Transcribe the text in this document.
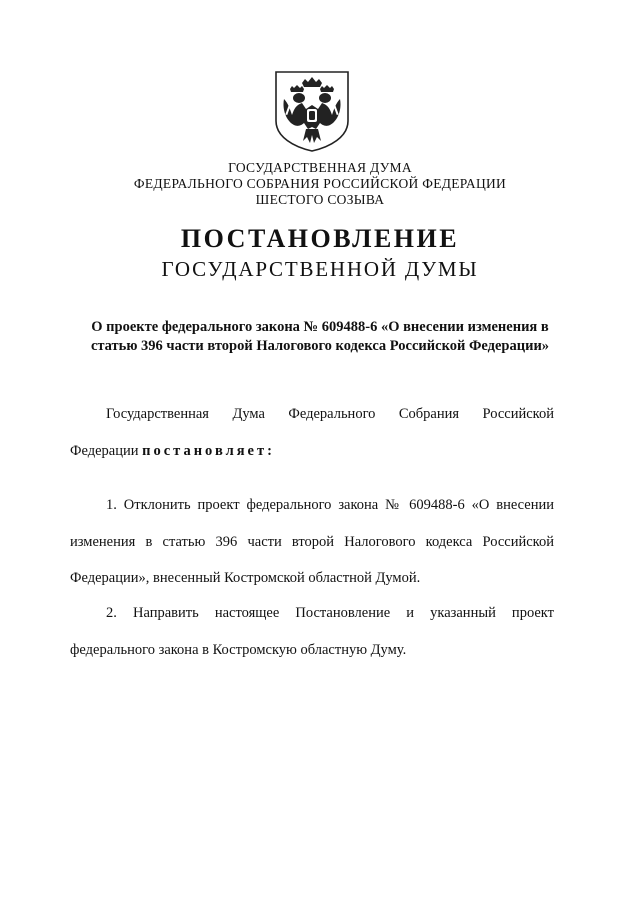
ГОСУДАРСТВЕННАЯ ДУМА
ФЕДЕРАЛЬНОГО СОБРАНИЯ РОССИЙСКОЙ ФЕДЕРАЦИИ
ШЕСТОГО СОЗЫВА
ПОСТАНОВЛЕНИЕ
ГОСУДАРСТВЕННОЙ ДУМЫ
О проекте федерального закона № 609488-6 «О внесении изменения в
статью 396 части второй Налогового кодекса Российской Федерации»
Государственная Дума Федерального Собрания Российской
Федерации постановляет:
1. Отклонить проект федерального закона № 609488-6 «О внесении
изменения в статью 396 части второй Налогового кодекса Российской
Федерации», внесенный Костромской областной Думой.
2. Направить настоящее Постановление и указанный проект
федерального закона в Костромскую областную Думу.
